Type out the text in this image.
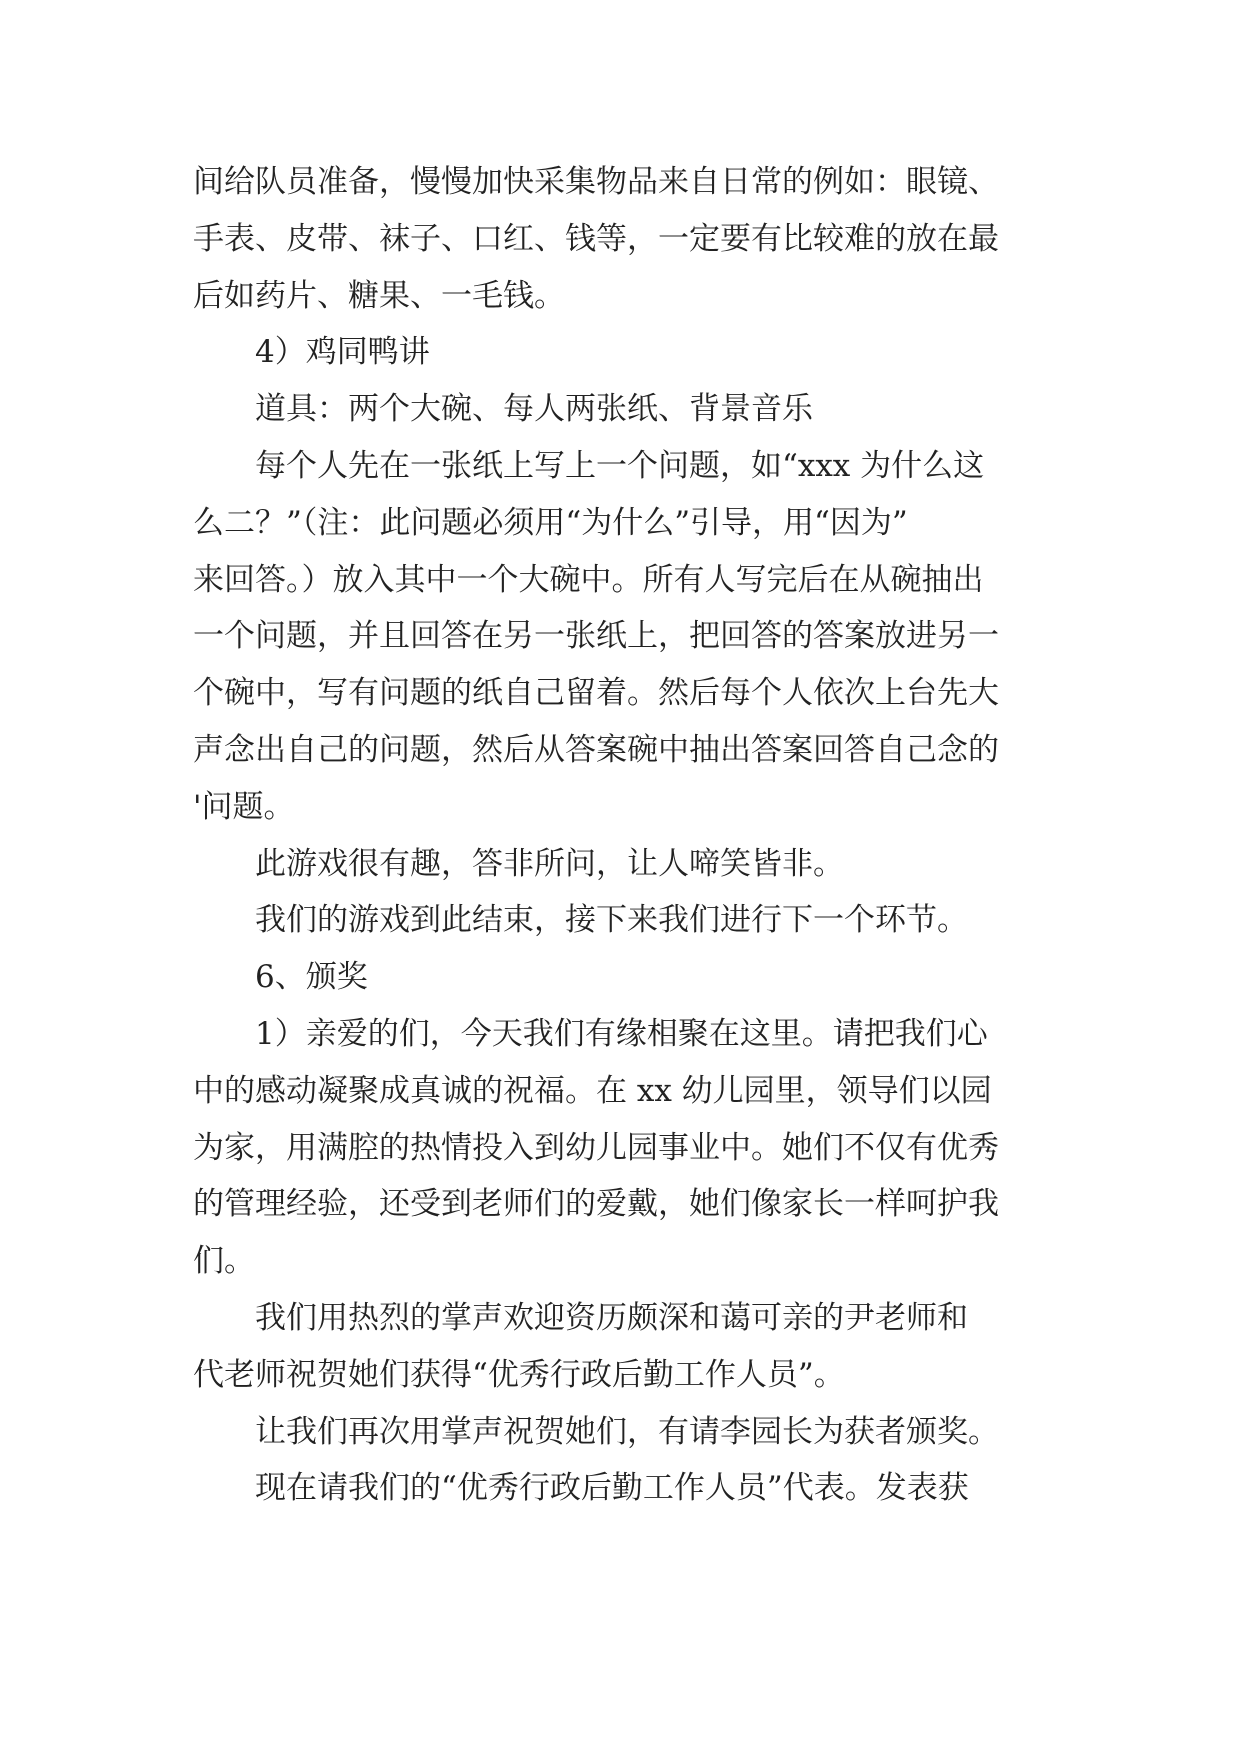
间给队员准备，慢慢加快采集物品来自日常的例如：眼镜、
手表、皮带、袜子、口红、钱等，一定要有比较难的放在最
后如药片、糖果、一毛钱。
4）鸡同鸭讲
道具：两个大碗、每人两张纸、背景音乐
每个人先在一张纸上写上一个问题，如“xxx 为什么这
么二？”（注：此问题必须用“为什么”引导，用“因为”
来回答。）放入其中一个大碗中。所有人写完后在从碗抽出
一个问题，并且回答在另一张纸上，把回答的答案放进另一
个碗中，写有问题的纸自己留着。然后每个人依次上台先大
声念出自己的问题，然后从答案碗中抽出答案回答自己念的
'问题。
此游戏很有趣，答非所问，让人啼笑皆非。
我们的游戏到此结束，接下来我们进行下一个环节。
6、颁奖
1）亲爱的们，今天我们有缘相聚在这里。请把我们心
中的感动凝聚成真诚的祝福。在 xx 幼儿园里，领导们以园
为家，用满腔的热情投入到幼儿园事业中。她们不仅有优秀
的管理经验，还受到老师们的爱戴，她们像家长一样呵护我
们。
我们用热烈的掌声欢迎资历颇深和蔼可亲的尹老师和
代老师祝贺她们获得“优秀行政后勤工作人员”。
让我们再次用掌声祝贺她们，有请李园长为获者颁奖。
现在请我们的“优秀行政后勤工作人员”代表。发表获
